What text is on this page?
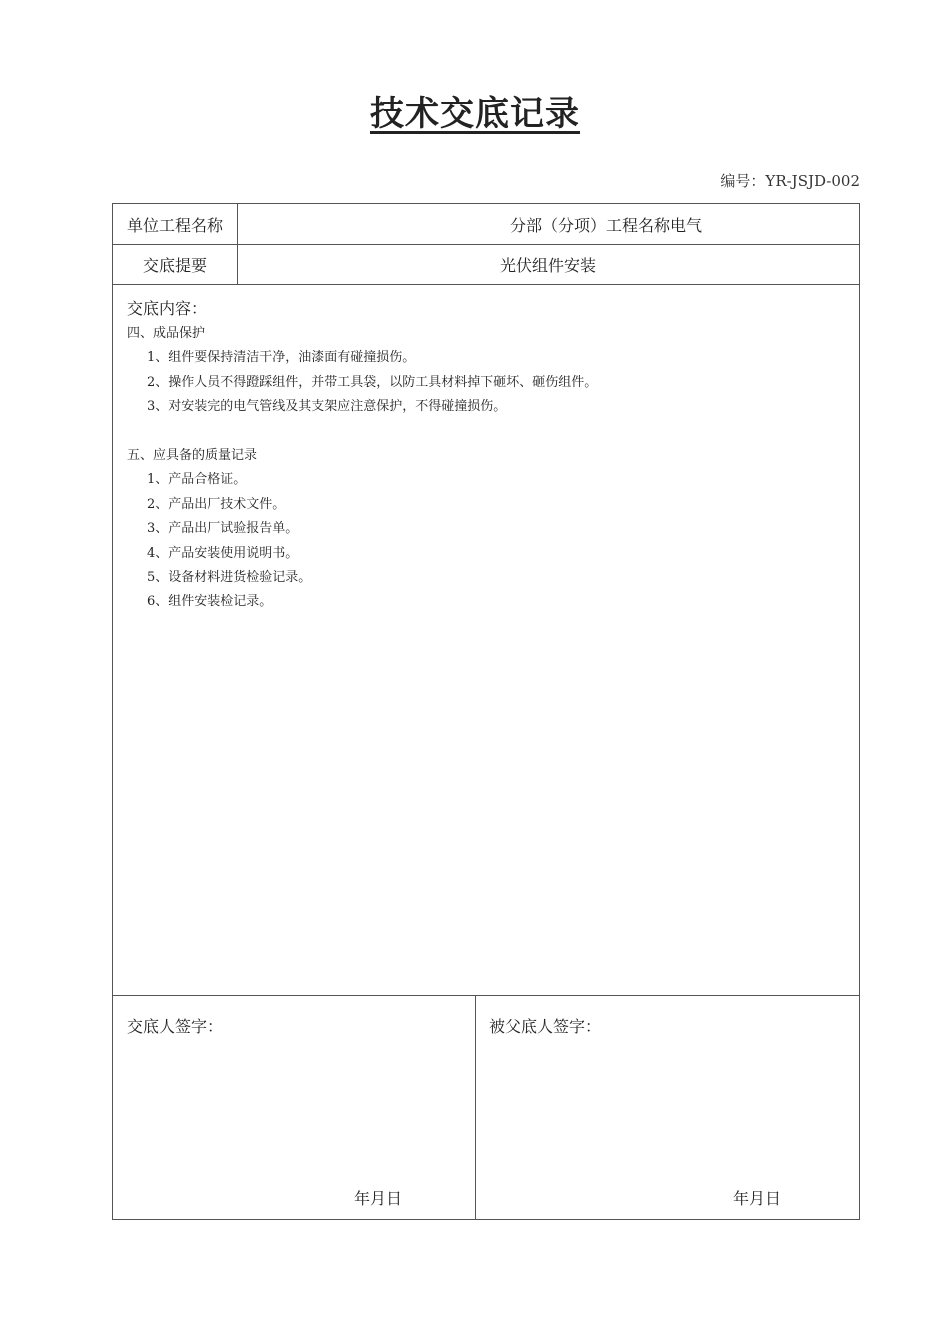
技术交底记录
编号：YR-JSJD-002
单位工程名称	分部（分项）工程名称电气
交底提要	光伏组件安装
交底内容：
四、成品保护
1、组件要保持清洁干净，油漆面有碰撞损伤。
2、操作人员不得蹬踩组件，并带工具袋，以防工具材料掉下砸坏、砸伤组件。
3、对安装完的电气管线及其支架应注意保护，不得碰撞损伤。
五、应具备的质量记录
1、产品合格证。
2、产品出厂技术文件。
3、产品出厂试验报告单。
4、产品安装使用说明书。
5、设备材料进货检验记录。
6、组件安装检记录。
交底人签字：
年月日
被父底人签字：
年月日
